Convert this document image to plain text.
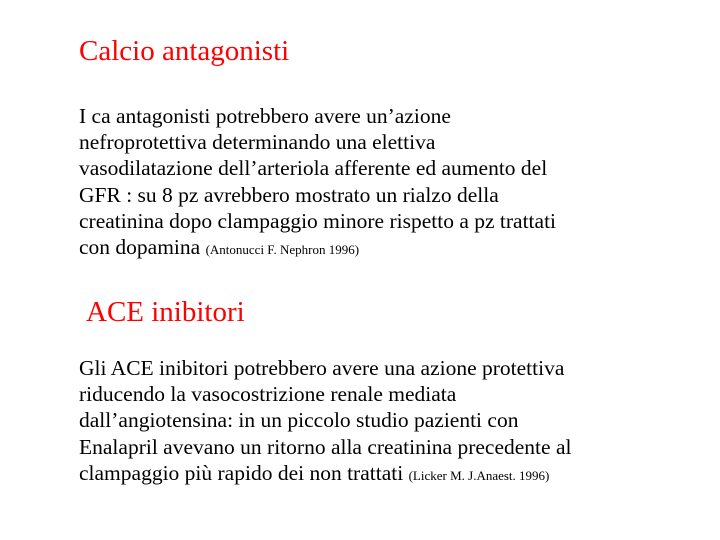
Calcio antagonisti

I ca antagonisti potrebbero avere un’azione
nefroprotettiva determinando una elettiva
vasodilatazione dell’arteriola afferente ed aumento del
GFR : su 8 pz avrebbero mostrato un rialzo della
creatinina dopo clampaggio minore rispetto a pz trattati
con dopamina (Antonucci F. Nephron 1996)

ACE inibitori

Gli ACE inibitori potrebbero avere una azione protettiva
riducendo la vasocostrizione renale mediata
dall’angiotensina: in un piccolo studio pazienti con
Enalapril avevano un ritorno alla creatinina precedente al
clampaggio più rapido dei non trattati (Licker M. J.Anaest. 1996)
